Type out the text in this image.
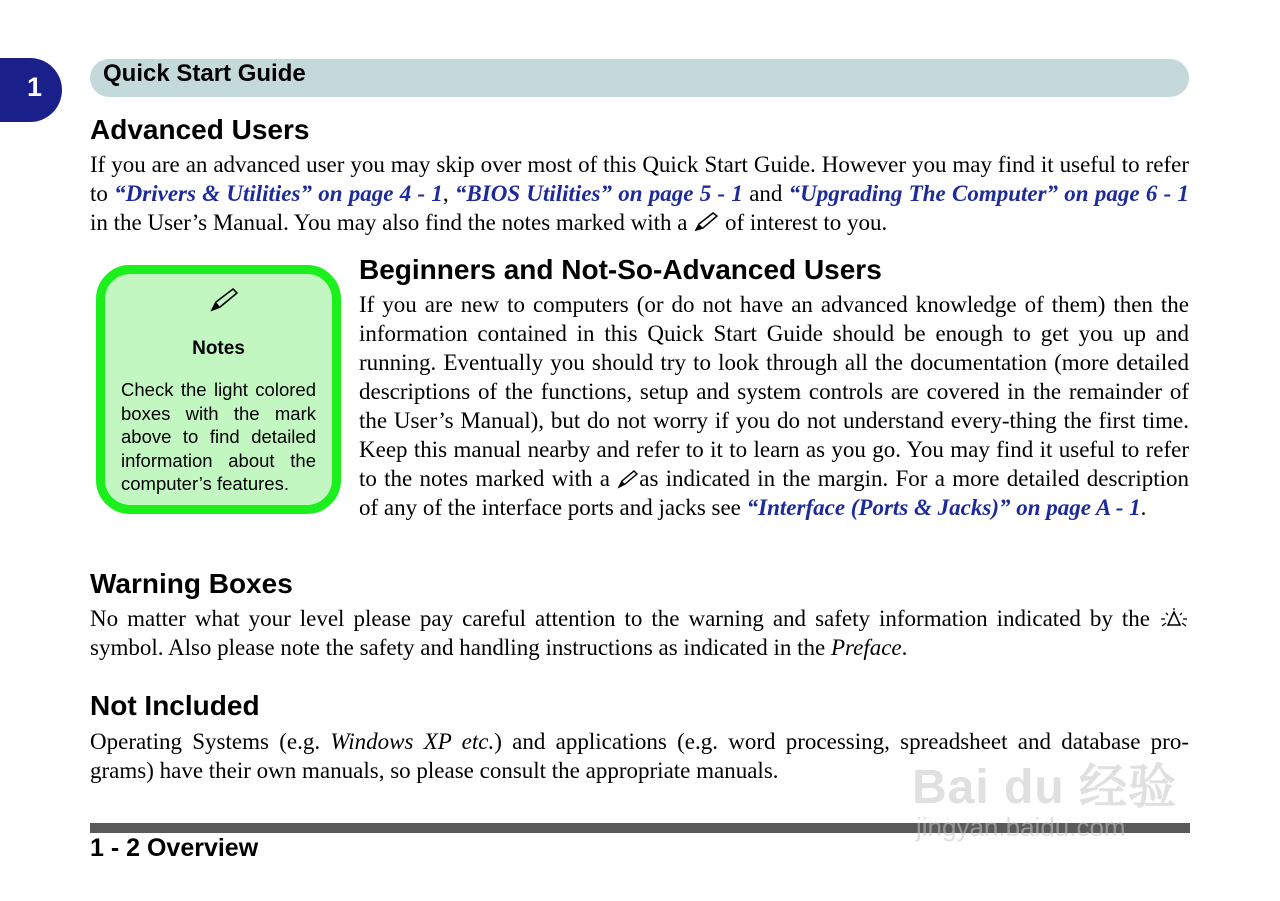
1	Quick Start Guide
Advanced Users

If you are an advanced user you may skip over most of this Quick Start Guide. However you may find it useful to refer to “Drivers & Utilities” on page 4 - 1, “BIOS Utilities” on page 5 - 1 and “Upgrading The Computer” on page 6 - 1 in the User’s Manual. You may also find the notes marked with a  of interest to you.

Notes

Check the light colored boxes with the mark above to find detailed information about the computer’s features.

Beginners and Not-So-Advanced Users

If you are new to computers (or do not have an advanced knowledge of them) then the information contained in this Quick Start Guide should be enough to get you up and running. Eventually you should try to look through all the documentation (more detailed descriptions of the functions, setup and system controls are covered in the remainder of the User’s Manual), but do not worry if you do not understand every-thing the first time. Keep this manual nearby and refer to it to learn as you go. You may find it useful to refer to the notes marked with a as indicated in the margin. For a more detailed description of any of the interface ports and jacks see “Interface (Ports & Jacks)” on page A - 1.

Warning Boxes

No matter what your level please pay careful attention to the warning and safety information indicated by the  symbol. Also please note the safety and handling instructions as indicated in the Preface.

Not Included

Operating Systems (e.g. Windows XP etc.) and applications (e.g. word processing, spreadsheet and database pro-grams) have their own manuals, so please consult the appropriate manuals.

1 - 2 Overview
Bai du 经验
jingyan.baidu.com
